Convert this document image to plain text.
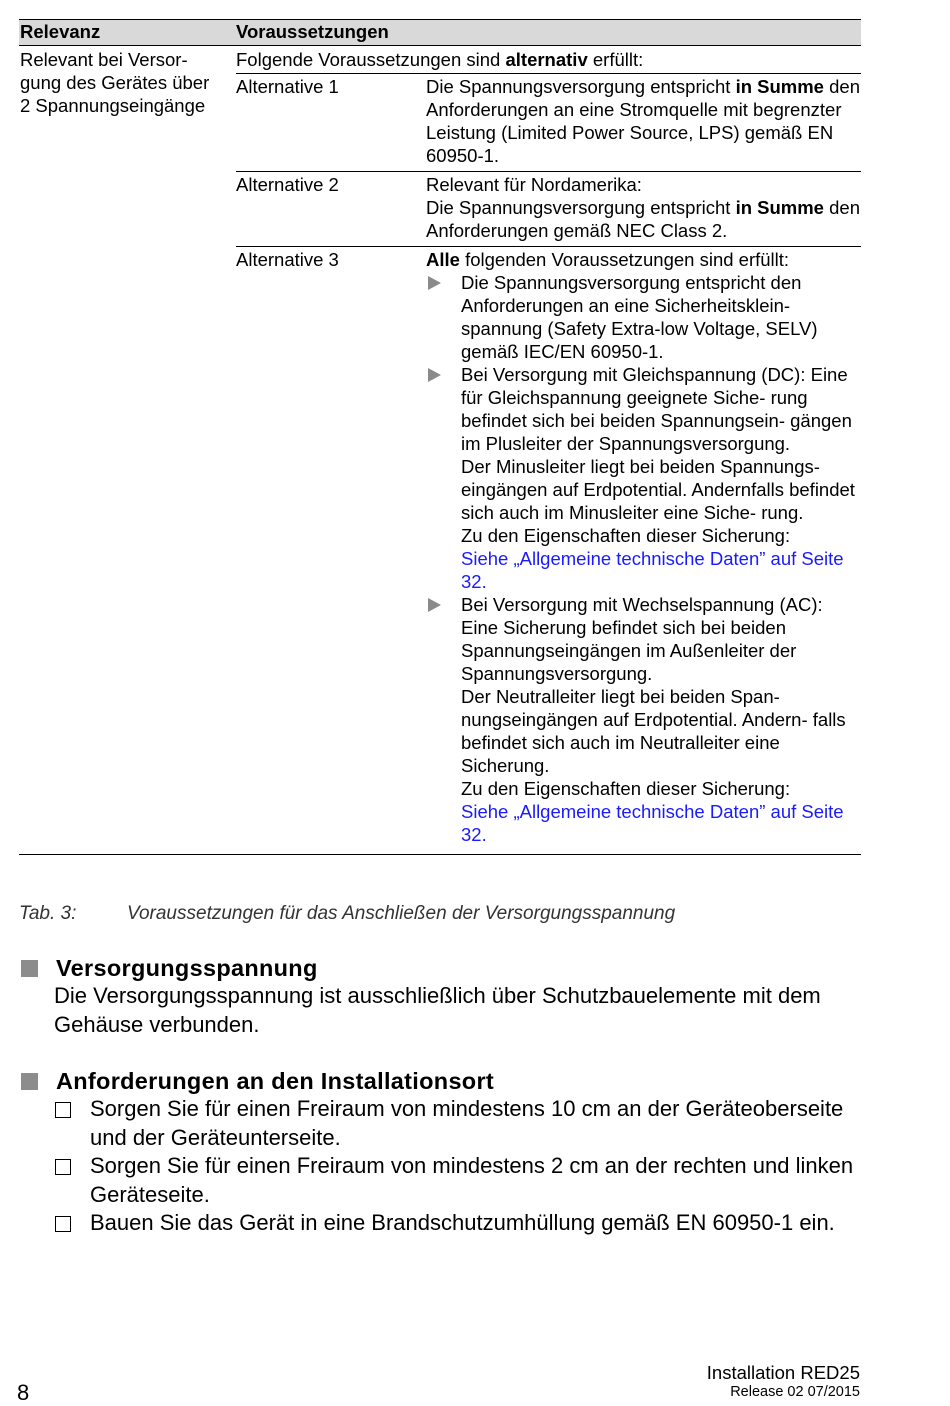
Relevanz	Voraussetzungen
Relevant bei Versor-
gung des Gerätes über
2 Spannungseingänge
Folgende Voraussetzungen sind alternativ erfüllt:
Alternative 1	Die Spannungsversorgung entspricht in Summe den Anforderungen an eine Stromquelle mit begrenzter Leistung (Limited Power Source, LPS) gemäß EN 60950-1.
Alternative 2	Relevant für Nordamerika:
Die Spannungsversorgung entspricht in Summe den Anforderungen gemäß NEC Class 2.
Alternative 3	Alle folgenden Voraussetzungen sind erfüllt:
Die Spannungsversorgung entspricht den Anforderungen an eine Sicherheitsklein- spannung (Safety Extra-low Voltage, SELV) gemäß IEC/EN 60950-1.
Bei Versorgung mit Gleichspannung (DC): Eine für Gleichspannung geeignete Siche- rung befindet sich bei beiden Spannungsein- gängen im Plusleiter der Spannungsversorgung.
Der Minusleiter liegt bei beiden Spannungs- eingängen auf Erdpotential. Andernfalls befindet sich auch im Minusleiter eine Siche- rung.
Zu den Eigenschaften dieser Sicherung:
Siehe „Allgemeine technische Daten” auf Seite 32.
Bei Versorgung mit Wechselspannung (AC): Eine Sicherung befindet sich bei beiden Spannungseingängen im Außenleiter der Spannungsversorgung.
Der Neutralleiter liegt bei beiden Span- nungseingängen auf Erdpotential. Andern- falls befindet sich auch im Neutralleiter eine Sicherung.
Zu den Eigenschaften dieser Sicherung:
Siehe „Allgemeine technische Daten” auf Seite 32.
Tab. 3:	Voraussetzungen für das Anschließen der Versorgungsspannung
Versorgungsspannung
Die Versorgungsspannung ist ausschließlich über Schutzbauelemente mit dem Gehäuse verbunden.
Anforderungen an den Installationsort
Sorgen Sie für einen Freiraum von mindestens 10 cm an der Geräteoberseite und der Geräteunterseite.
Sorgen Sie für einen Freiraum von mindestens 2 cm an der rechten und linken Geräteseite.
Bauen Sie das Gerät in eine Brandschutzumhüllung gemäß EN 60950-1 ein.
8
Installation RED25
Release 02 07/2015
